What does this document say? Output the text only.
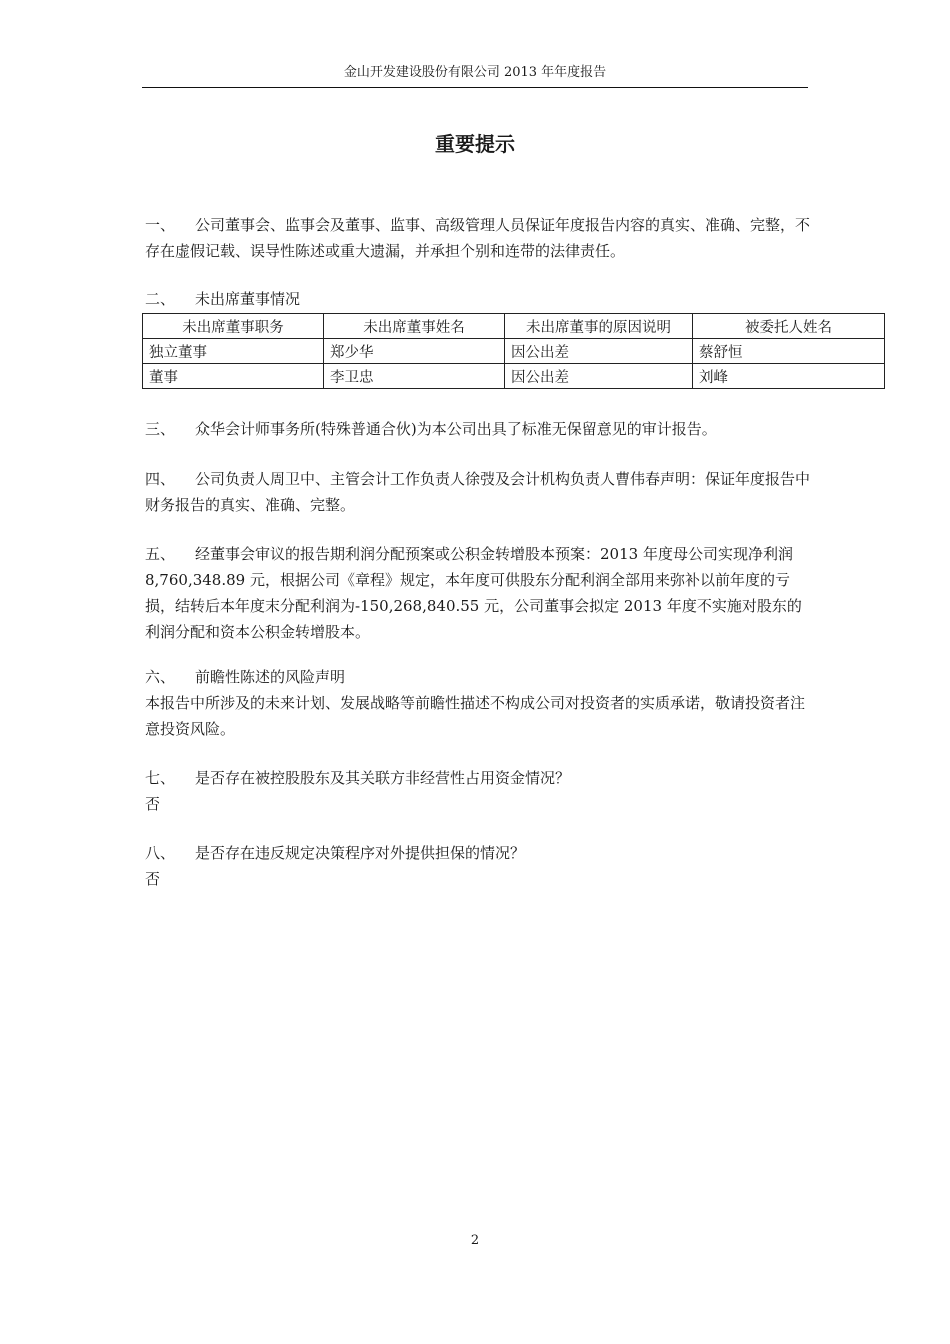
金山开发建设股份有限公司 2013 年年度报告
重要提示
一、 公司董事会、监事会及董事、监事、高级管理人员保证年度报告内容的真实、准确、完整，不存在虚假记载、误导性陈述或重大遗漏，并承担个别和连带的法律责任。
二、 未出席董事情况
未出席董事职务	未出席董事姓名	未出席董事的原因说明	被委托人姓名
独立董事	郑少华	因公出差	蔡舒恒
董事	李卫忠	因公出差	刘峰
三、 众华会计师事务所(特殊普通合伙)为本公司出具了标准无保留意见的审计报告。
四、 公司负责人周卫中、主管会计工作负责人徐弢及会计机构负责人曹伟春声明：保证年度报告中财务报告的真实、准确、完整。
五、 经董事会审议的报告期利润分配预案或公积金转增股本预案：2013 年度母公司实现净利润 8,760,348.89 元，根据公司《章程》规定，本年度可供股东分配利润全部用来弥补以前年度的亏损，结转后本年度末分配利润为-150,268,840.55 元，公司董事会拟定 2013 年度不实施对股东的利润分配和资本公积金转增股本。
六、 前瞻性陈述的风险声明
本报告中所涉及的未来计划、发展战略等前瞻性描述不构成公司对投资者的实质承诺，敬请投资者注意投资风险。
七、 是否存在被控股股东及其关联方非经营性占用资金情况？
否
八、 是否存在违反规定决策程序对外提供担保的情况？
否
2
